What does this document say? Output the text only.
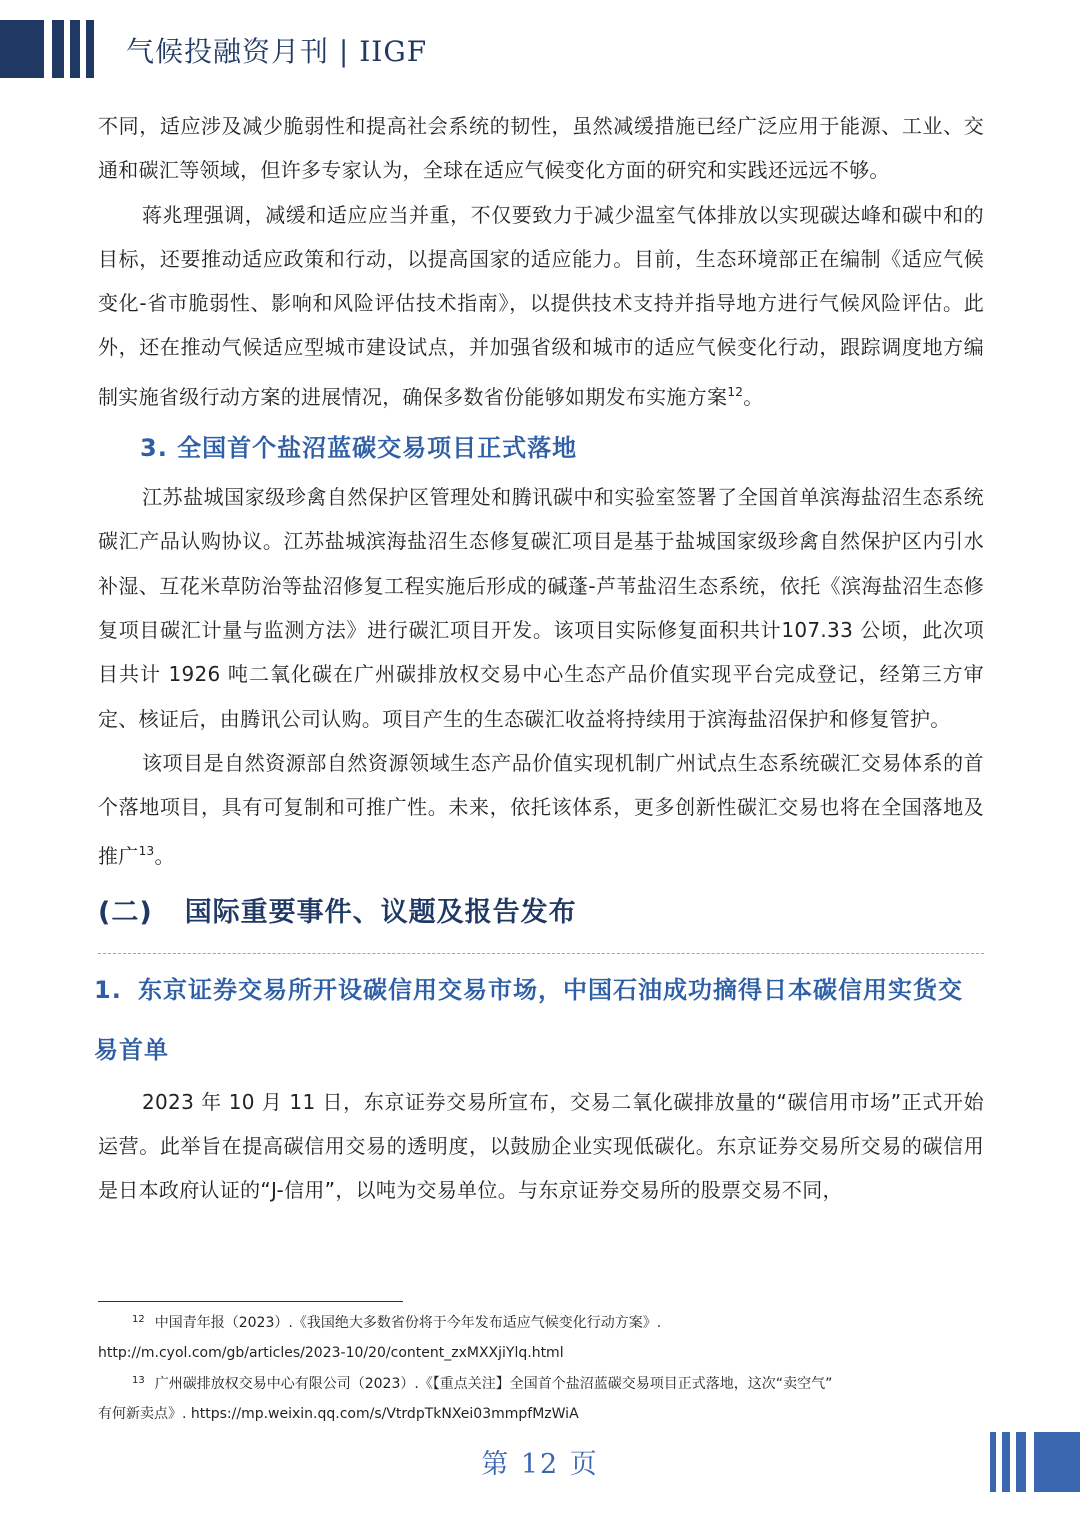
气候投融资月刊 | IIGF

不同，适应涉及减少脆弱性和提高社会系统的韧性，虽然减缓措施已经广泛应用于能源、工业、交通和碳汇等领域，但许多专家认为，全球在适应气候变化方面的研究和实践还远远不够。

蒋兆理强调，减缓和适应应当并重，不仅要致力于减少温室气体排放以实现碳达峰和碳中和的目标，还要推动适应政策和行动，以提高国家的适应能力。目前，生态环境部正在编制《适应气候变化-省市脆弱性、影响和风险评估技术指南》，以提供技术支持并指导地方进行气候风险评估。此外，还在推动气候适应型城市建设试点，并加强省级和城市的适应气候变化行动，跟踪调度地方编制实施省级行动方案的进展情况，确保多数省份能够如期发布实施方案$^{12}$。

3. 全国首个盐沼蓝碳交易项目正式落地

江苏盐城国家级珍禽自然保护区管理处和腾讯碳中和实验室签署了全国首单滨海盐沼生态系统碳汇产品认购协议。江苏盐城滨海盐沼生态修复碳汇项目是基于盐城国家级珍禽自然保护区内引水补湿、互花米草防治等盐沼修复工程实施后形成的碱蓬-芦苇盐沼生态系统，依托《滨海盐沼生态修复项目碳汇计量与监测方法》进行碳汇项目开发。该项目实际修复面积共计107.33 公顷，此次项目共计 1926 吨二氧化碳在广州碳排放权交易中心生态产品价值实现平台完成登记，经第三方审定、核证后，由腾讯公司认购。项目产生的生态碳汇收益将持续用于滨海盐沼保护和修复管护。

该项目是自然资源部自然资源领域生态产品价值实现机制广州试点生态系统碳汇交易体系的首个落地项目，具有可复制和可推广性。未来，依托该体系，更多创新性碳汇交易也将在全国落地及推广$^{13}$。

(二) 国际重要事件、议题及报告发布
1. 东京证券交易所开设碳信用交易市场，中国石油成功摘得日本碳信用实货交易首单

2023 年 10 月 11 日，东京证券交易所宣布，交易二氧化碳排放量的“碳信用市场”正式开始运营。此举旨在提高碳信用交易的透明度，以鼓励企业实现低碳化。东京证券交易所交易的碳信用是日本政府认证的“J-信用”，以吨为交易单位。与东京证券交易所的股票交易不同，

$^{12}$ 中国青年报（2023）.《我国绝大多数省份将于今年发布适应气候变化行动方案》.
http://m.cyol.com/gb/articles/2023-10/20/content_zxMXXjiYlq.html
$^{13}$ 广州碳排放权交易中心有限公司（2023）.《【重点关注】全国首个盐沼蓝碳交易项目正式落地，这次“卖空气”
有何新卖点》. https://mp.weixin.qq.com/s/VtrdpTkNXei03mmpfMzWiA
第 12 页
